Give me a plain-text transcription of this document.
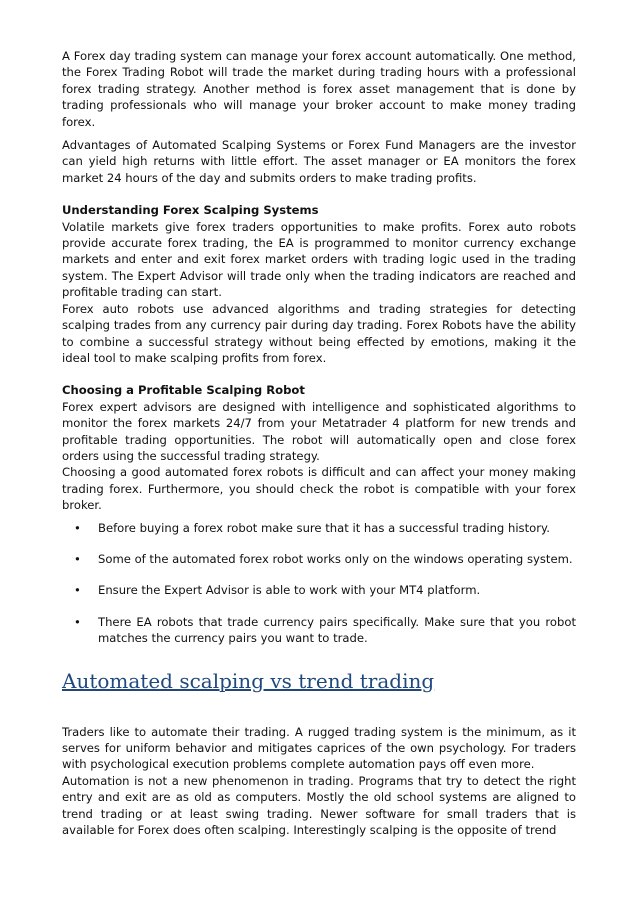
A Forex day trading system can manage your forex account automatically. One method, the Forex Trading Robot will trade the market during trading hours with a professional forex trading strategy. Another method is forex asset management that is done by trading professionals who will manage your broker account to make money trading forex.

Advantages of Automated Scalping Systems or Forex Fund Managers are the investor can yield high returns with little effort. The asset manager or EA monitors the forex market 24 hours of the day and submits orders to make trading profits.

Understanding Forex Scalping Systems

Volatile markets give forex traders opportunities to make profits. Forex auto robots provide accurate forex trading, the EA is programmed to monitor currency exchange markets and enter and exit forex market orders with trading logic used in the trading system. The Expert Advisor will trade only when the trading indicators are reached and profitable trading can start.

Forex auto robots use advanced algorithms and trading strategies for detecting scalping trades from any currency pair during day trading. Forex Robots have the ability to combine a successful strategy without being effected by emotions, making it the ideal tool to make scalping profits from forex.

Choosing a Profitable Scalping Robot

Forex expert advisors are designed with intelligence and sophisticated algorithms to monitor the forex markets 24/7 from your Metatrader 4 platform for new trends and profitable trading opportunities. The robot will automatically open and close forex orders using the successful trading strategy.

Choosing a good automated forex robots is difficult and can affect your money making trading forex. Furthermore, you should check the robot is compatible with your forex broker.

• Before buying a forex robot make sure that it has a successful trading history.
• Some of the automated forex robot works only on the windows operating system.
• Ensure the Expert Advisor is able to work with your MT4 platform.
• There EA robots that trade currency pairs specifically. Make sure that you robot matches the currency pairs you want to trade.
Automated scalping vs trend trading

Traders like to automate their trading. A rugged trading system is the minimum, as it serves for uniform behavior and mitigates caprices of the own psychology. For traders with psychological execution problems complete automation pays off even more.

Automation is not a new phenomenon in trading. Programs that try to detect the right entry and exit are as old as computers. Mostly the old school systems are aligned to trend trading or at least swing trading. Newer software for small traders that is available for Forex does often scalping. Interestingly scalping is the opposite of trend
